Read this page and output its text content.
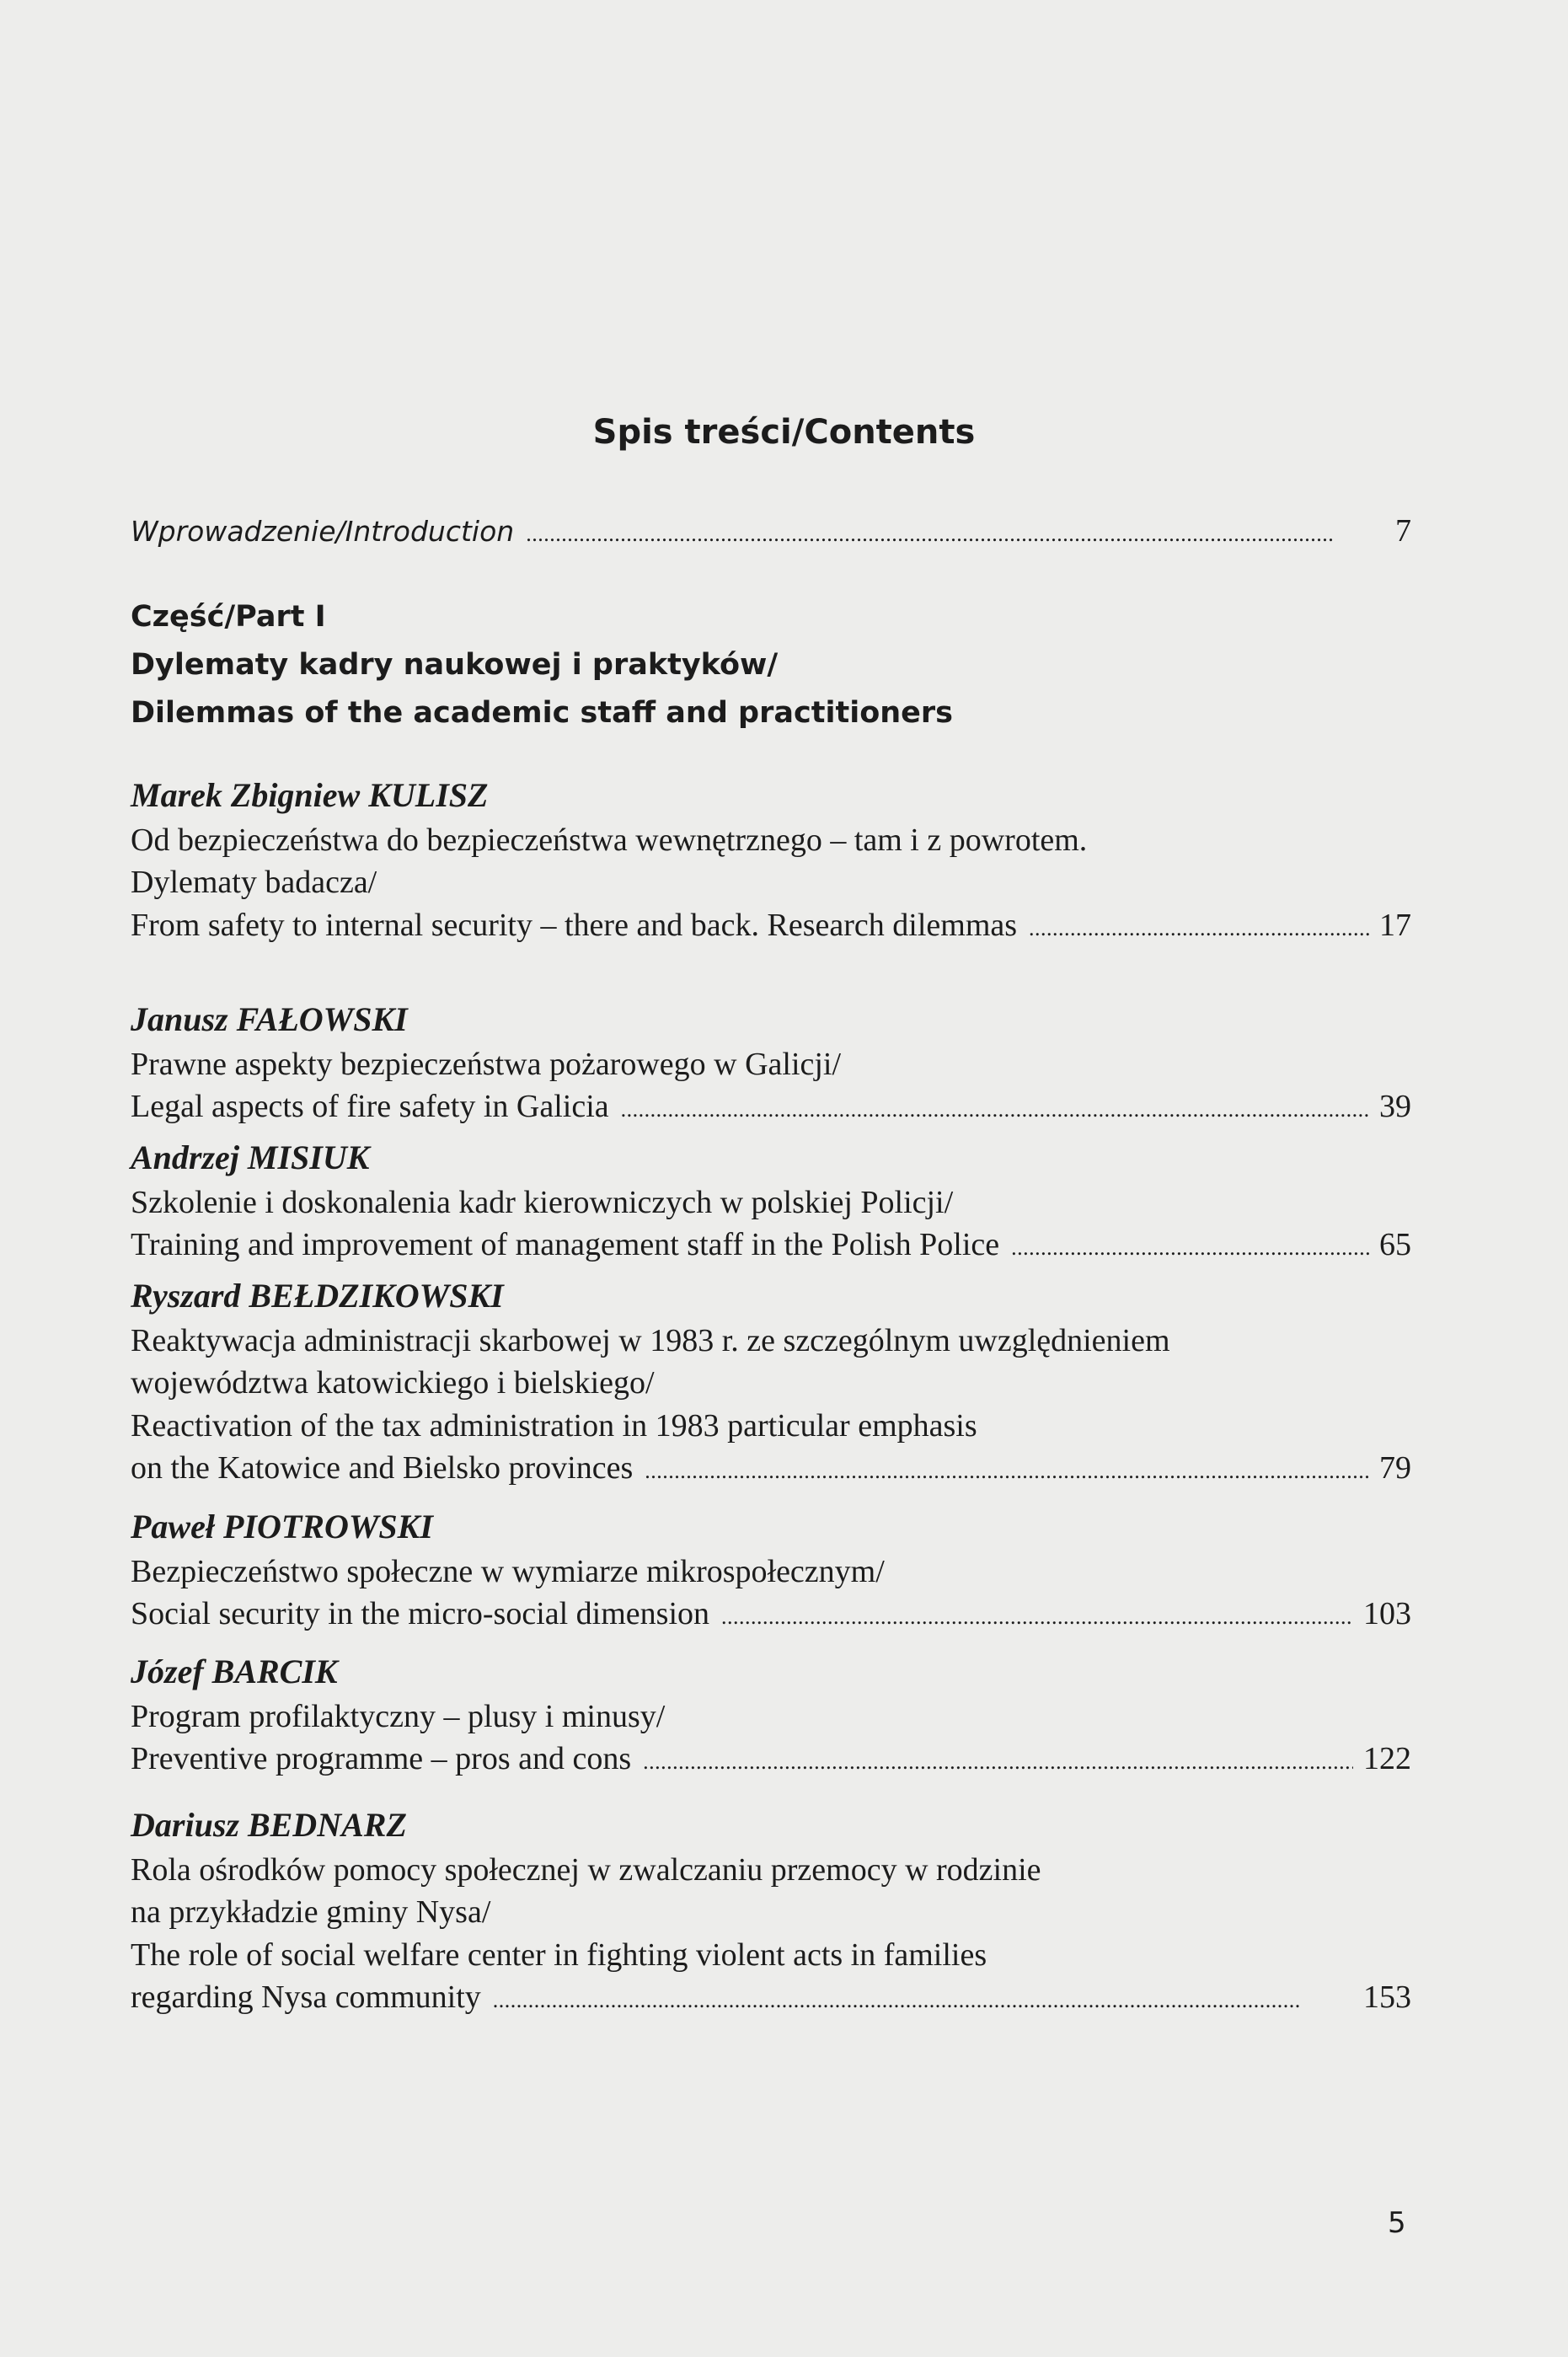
Spis treści/Contents
Wprowadzenie/Introduction . . .	7
Część/Part I
Dylematy kadry naukowej i praktyków/
Dilemmas of the academic staff and practitioners
Marek Zbigniew KULISZ
Od bezpieczeństwa do bezpieczeństwa wewnętrznego – tam i z powrotem.
Dylematy badacza/
From safety to internal security – there and back. Research dilemmas . . .	17
Janusz FAŁOWSKI
Prawne aspekty bezpieczeństwa pożarowego w Galicji/
Legal aspects of fire safety in Galicia . . .	39
Andrzej MISIUK
Szkolenie i doskonalenia kadr kierowniczych w polskiej Policji/
Training and improvement of management staff in the Polish Police . . .	65
Ryszard BEŁDZIKOWSKI
Reaktywacja administracji skarbowej w 1983 r. ze szczególnym uwzględnieniem
województwa katowickiego i bielskiego/
Reactivation of the tax administration in 1983 particular emphasis
on the Katowice and Bielsko provinces . . .	79
Paweł PIOTROWSKI
Bezpieczeństwo społeczne w wymiarze mikrospołecznym/
Social security in the micro-social dimension . . .	103
Józef BARCIK
Program profilaktyczny – plusy i minusy/
Preventive programme – pros and cons . . .	122
Dariusz BEDNARZ
Rola ośrodków pomocy społecznej w zwalczaniu przemocy w rodzinie
na przykładzie gminy Nysa/
The role of social welfare center in fighting violent acts in families
regarding Nysa community . . .	153
5
